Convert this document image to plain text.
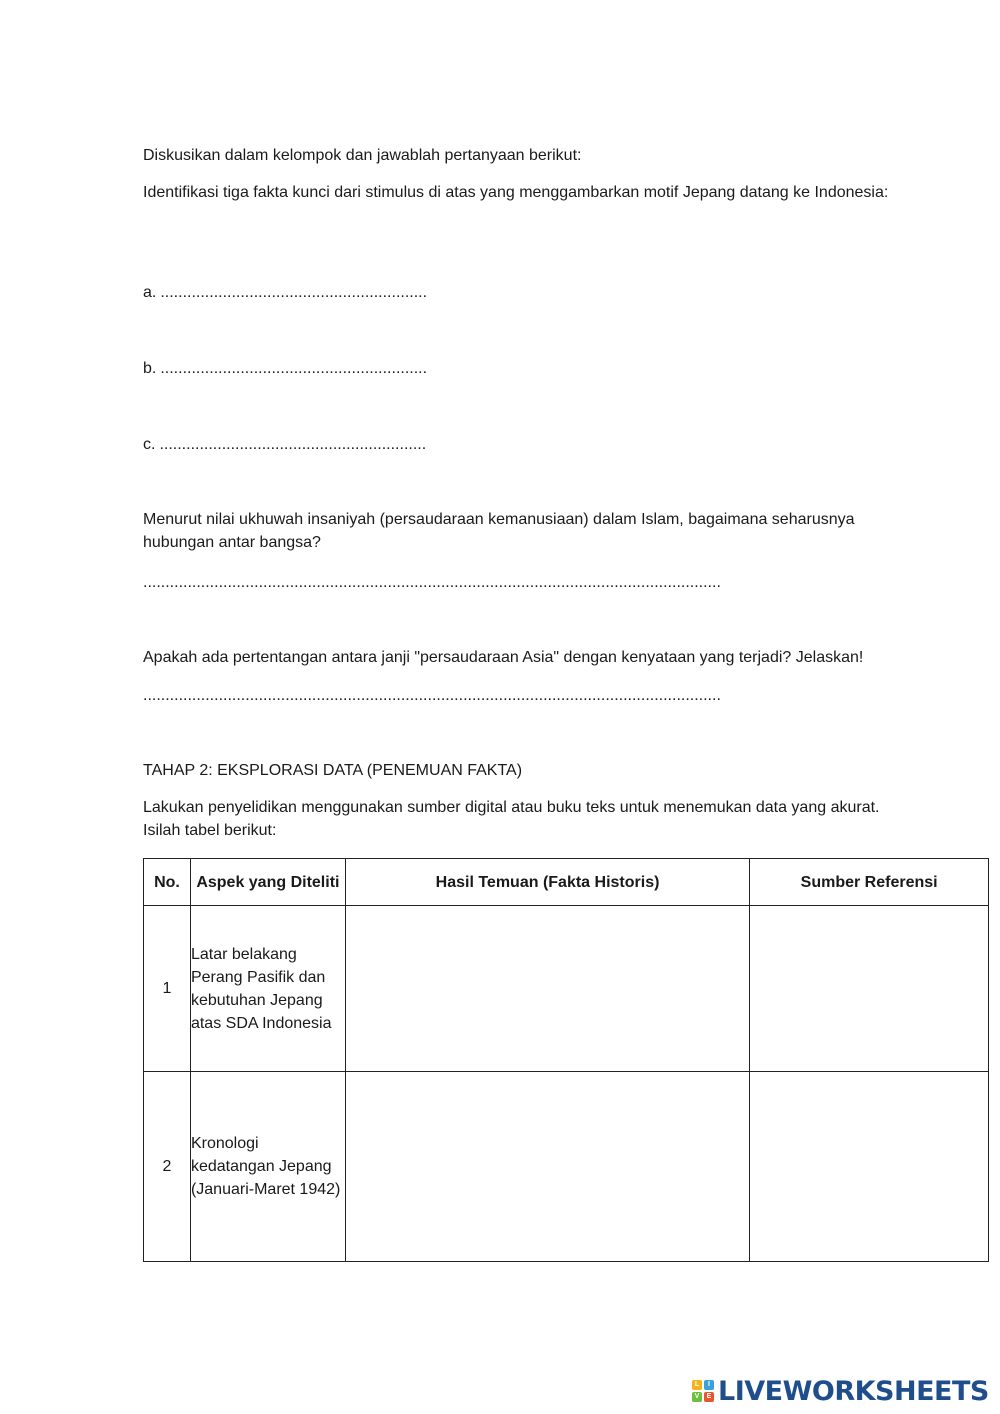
Diskusikan dalam kelompok dan jawablah pertanyaan berikut:

Identifikasi tiga fakta kunci dari stimulus di atas yang menggambarkan motif Jepang datang ke Indonesia:

a. ............................................................
b. ............................................................
c. ............................................................

Menurut nilai ukhuwah insaniyah (persaudaraan kemanusiaan) dalam Islam, bagaimana seharusnya hubungan antar bangsa?

..................................................................................................................................

Apakah ada pertentangan antara janji "persaudaraan Asia" dengan kenyataan yang terjadi? Jelaskan!

..................................................................................................................................

TAHAP 2: EKSPLORASI DATA (PENEMUAN FAKTA)

Lakukan penyelidikan menggunakan sumber digital atau buku teks untuk menemukan data yang akurat. Isilah tabel berikut:

No.	Aspek yang Diteliti	Hasil Temuan (Fakta Historis)	Sumber Referensi
1	Latar belakang Perang Pasifik dan kebutuhan Jepang atas SDA Indonesia		
2	Kronologi kedatangan Jepang (Januari-Maret 1942)		
L	I
V	E LIVEWORKSHEETS
